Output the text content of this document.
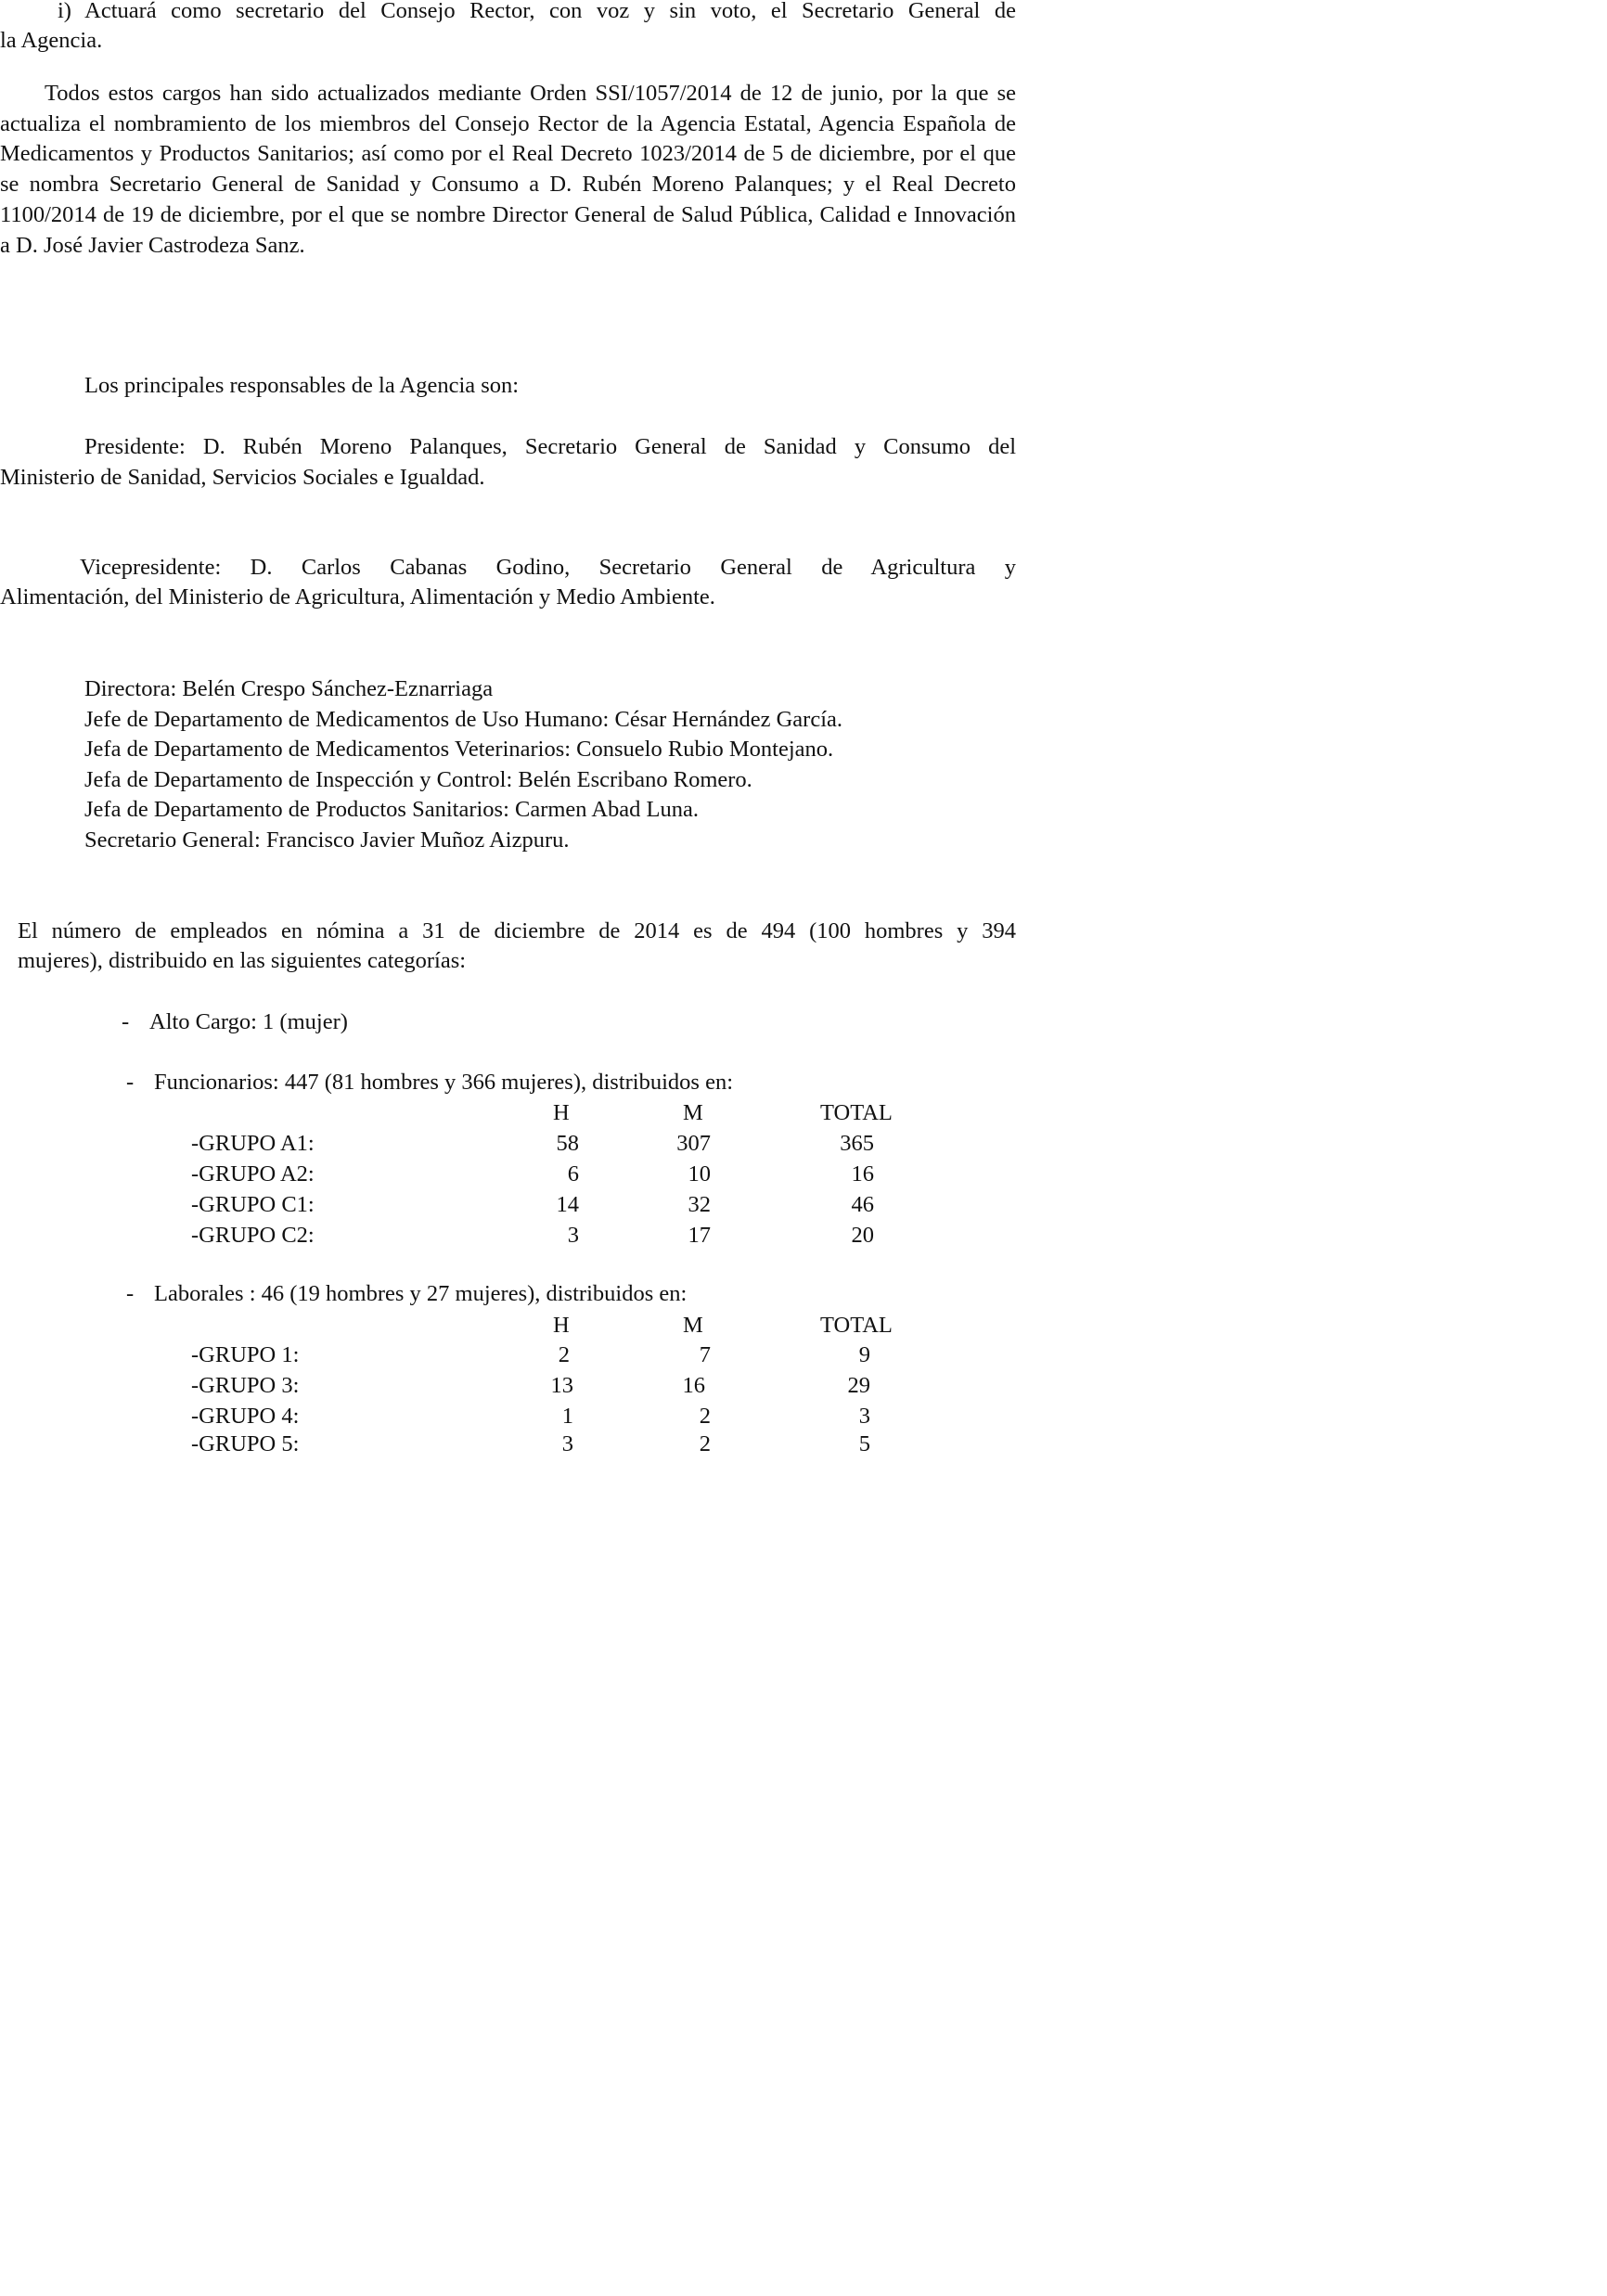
i) Actuará como secretario del Consejo Rector, con voz y sin voto, el Secretario General de
la Agencia.

Todos estos cargos han sido actualizados mediante Orden SSI/1057/2014 de 12 de junio, por la que se actualiza el nombramiento de los miembros del Consejo Rector de la Agencia Estatal, Agencia Española de Medicamentos y Productos Sanitarios; así como por el Real Decreto 1023/2014 de 5 de diciembre, por el que se nombra Secretario General de Sanidad y Consumo a D. Rubén Moreno Palanques; y el Real Decreto 1100/2014 de 19 de diciembre, por el que se nombre Director General de Salud Pública, Calidad e Innovación a D. José Javier Castrodeza Sanz.

Los principales responsables de la Agencia son:
Presidente: D. Rubén Moreno Palanques, Secretario General de Sanidad y Consumo del
Ministerio de Sanidad, Servicios Sociales e Igualdad.
Vicepresidente: D. Carlos Cabanas Godino, Secretario General de Agricultura y
Alimentación, del Ministerio de Agricultura, Alimentación y Medio Ambiente.
Directora: Belén Crespo Sánchez-Eznarriaga
Jefe de Departamento de Medicamentos de Uso Humano: César Hernández García.
Jefa de Departamento de Medicamentos Veterinarios: Consuelo Rubio Montejano.
Jefa de Departamento de Inspección y Control: Belén Escribano Romero.
Jefa de Departamento de Productos Sanitarios: Carmen Abad Luna.
Secretario General: Francisco Javier Muñoz Aizpuru.
El número de empleados en nómina a 31 de diciembre de 2014 es de 494 (100 hombres y 394
mujeres), distribuido en las siguientes categorías:
- Alto Cargo: 1 (mujer)
- Funcionarios: 447 (81 hombres y 366 mujeres), distribuidos en:
H	M	TOTAL
-GRUPO A1:	58	307	365
-GRUPO A2:	6	10	16
-GRUPO C1:	14	32	46
-GRUPO C2:	3	17	20
- Laborales : 46 (19 hombres y 27 mujeres), distribuidos en:
H	M	TOTAL
-GRUPO 1:	2	7	9
-GRUPO 3:	13	16	29
-GRUPO 4:	1	2	3
-GRUPO 5:	3	2	5
